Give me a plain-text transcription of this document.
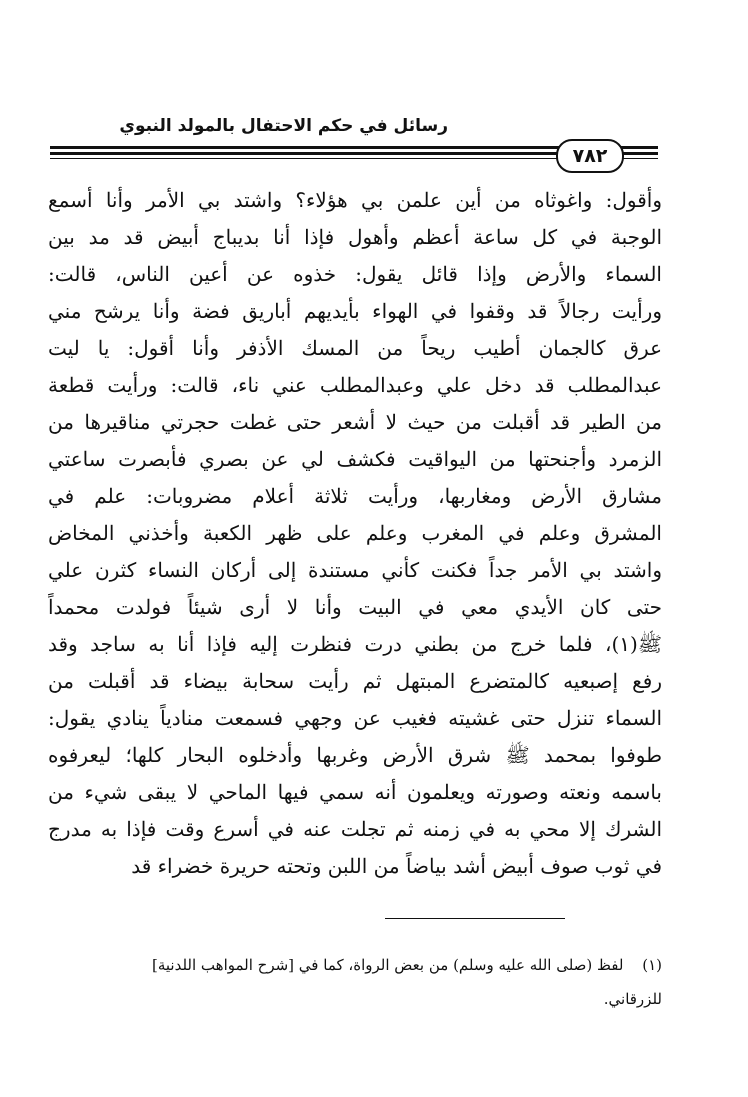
رسائل في حكم الاحتفال بالمولد النبوي
٧٨٢
وأقول: واغوثاه من أين علمن بي هؤلاء؟ واشتد بي الأمر وأنا أسمع
الوجبة في كل ساعة أعظم وأهول فإذا أنا بديباج أبيض قد مد بين
السماء والأرض وإذا قائل يقول: خذوه عن أعين الناس، قالت:
ورأيت رجالاً قد وقفوا في الهواء بأيديهم أباريق فضة وأنا يرشح مني
عرق كالجمان أطيب ريحاً من المسك الأذفر وأنا أقول: يا ليت
عبدالمطلب قد دخل علي وعبدالمطلب عني ناء، قالت: ورأيت قطعة
من الطير قد أقبلت من حيث لا أشعر حتى غطت حجرتي مناقيرها من
الزمرد وأجنحتها من اليواقيت فكشف لي عن بصري فأبصرت ساعتي
مشارق الأرض ومغاربها، ورأيت ثلاثة أعلام مضروبات: علم في
المشرق وعلم في المغرب وعلم على ظهر الكعبة وأخذني المخاض
واشتد بي الأمر جداً فكنت كأني مستندة إلى أركان النساء كثرن علي
حتى كان الأيدي معي في البيت وأنا لا أرى شيئاً فولدت محمداً
ﷺ(١)، فلما خرج من بطني درت فنظرت إليه فإذا أنا به ساجد وقد
رفع إصبعيه كالمتضرع المبتهل ثم رأيت سحابة بيضاء قد أقبلت من
السماء تنزل حتى غشيته فغيب عن وجهي فسمعت منادياً ينادي يقول:
طوفوا بمحمد ﷺ شرق الأرض وغربها وأدخلوه البحار كلها؛ ليعرفوه
باسمه ونعته وصورته ويعلمون أنه سمي فيها الماحي لا يبقى شيء من
الشرك إلا محي به في زمنه ثم تجلت عنه في أسرع وقت فإذا به مدرج
في ثوب صوف أبيض أشد بياضاً من اللبن وتحته حريرة خضراء قد
(١) لفظ (صلى الله عليه وسلم) من بعض الرواة، كما في [شرح المواهب اللدنية]
للزرقاني.
